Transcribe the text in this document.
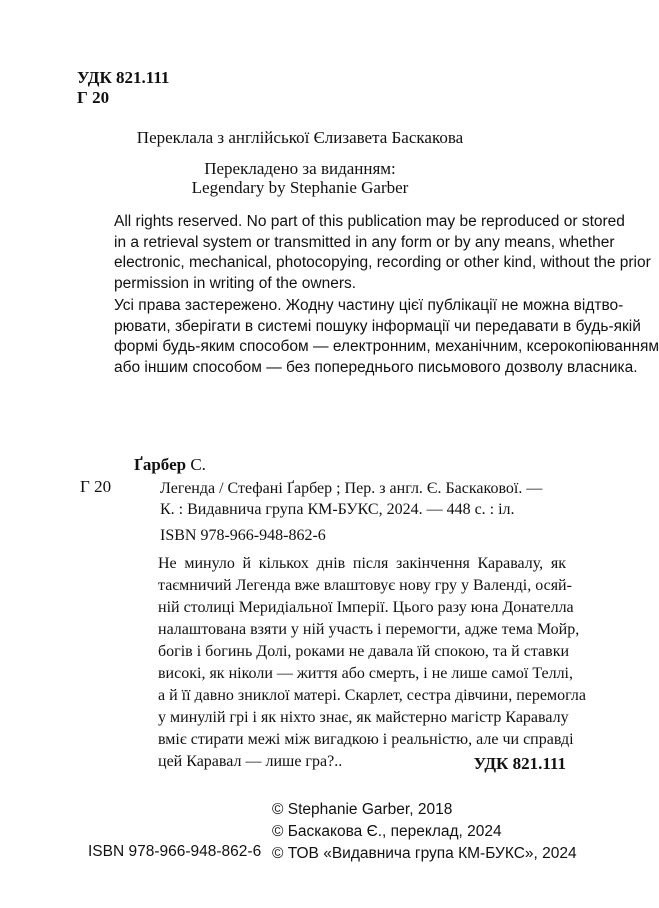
УДК 821.111
Г 20
Переклала з англійської Єлизавета Баскакова
Перекладено за виданням:
Legendary by Stephanie Garber

All rights reserved. No part of this publication may be reproduced or stored
in a retrieval system or transmitted in any form or by any means, whether
electronic, mechanical, photocopying, recording or other kind, without the prior
permission in writing of the owners.

Усі права застережено. Жодну частину цієї публікації не можна відтво-
рювати, зберігати в системі пошуку інформації чи передавати в будь-якій
формі будь-яким способом — електронним, механічним, ксерокопіюванням
або іншим способом — без попереднього письмового дозволу власника.

Ґарбер С.
Г 20	Легенда / Стефані Ґарбер ; Пер. з англ. Є. Баскакової. —
К. : Видавнича група КМ-БУКС, 2024. — 448 с. : іл.
ISBN 978-966-948-862-6
Не минуло й кількох днів після закінчення Каравалу, як
таємничий Легенда вже влаштовує нову гру у Валенді, осяй-
ній столиці Меридіальної Імперії. Цього разу юна Донателла
налаштована взяти у ній участь і перемогти, адже тема Мойр,
богів і богинь Долі, роками не давала їй спокою, та й ставки
високі, як ніколи — життя або смерть, і не лише самої Теллі,
а й її давно зниклої матері. Скарлет, сестра дівчини, перемогла
у минулій грі і як ніхто знає, як майстерно магістр Каравалу
вміє стирати межі між вигадкою і реальністю, але чи справді
цей Каравал — лише гра?..	УДК 821.111
© Stephanie Garber, 2018
© Баскакова Є., переклад, 2024
© ТОВ «Видавнича група КМ-БУКС», 2024
ISBN 978-966-948-862-6
